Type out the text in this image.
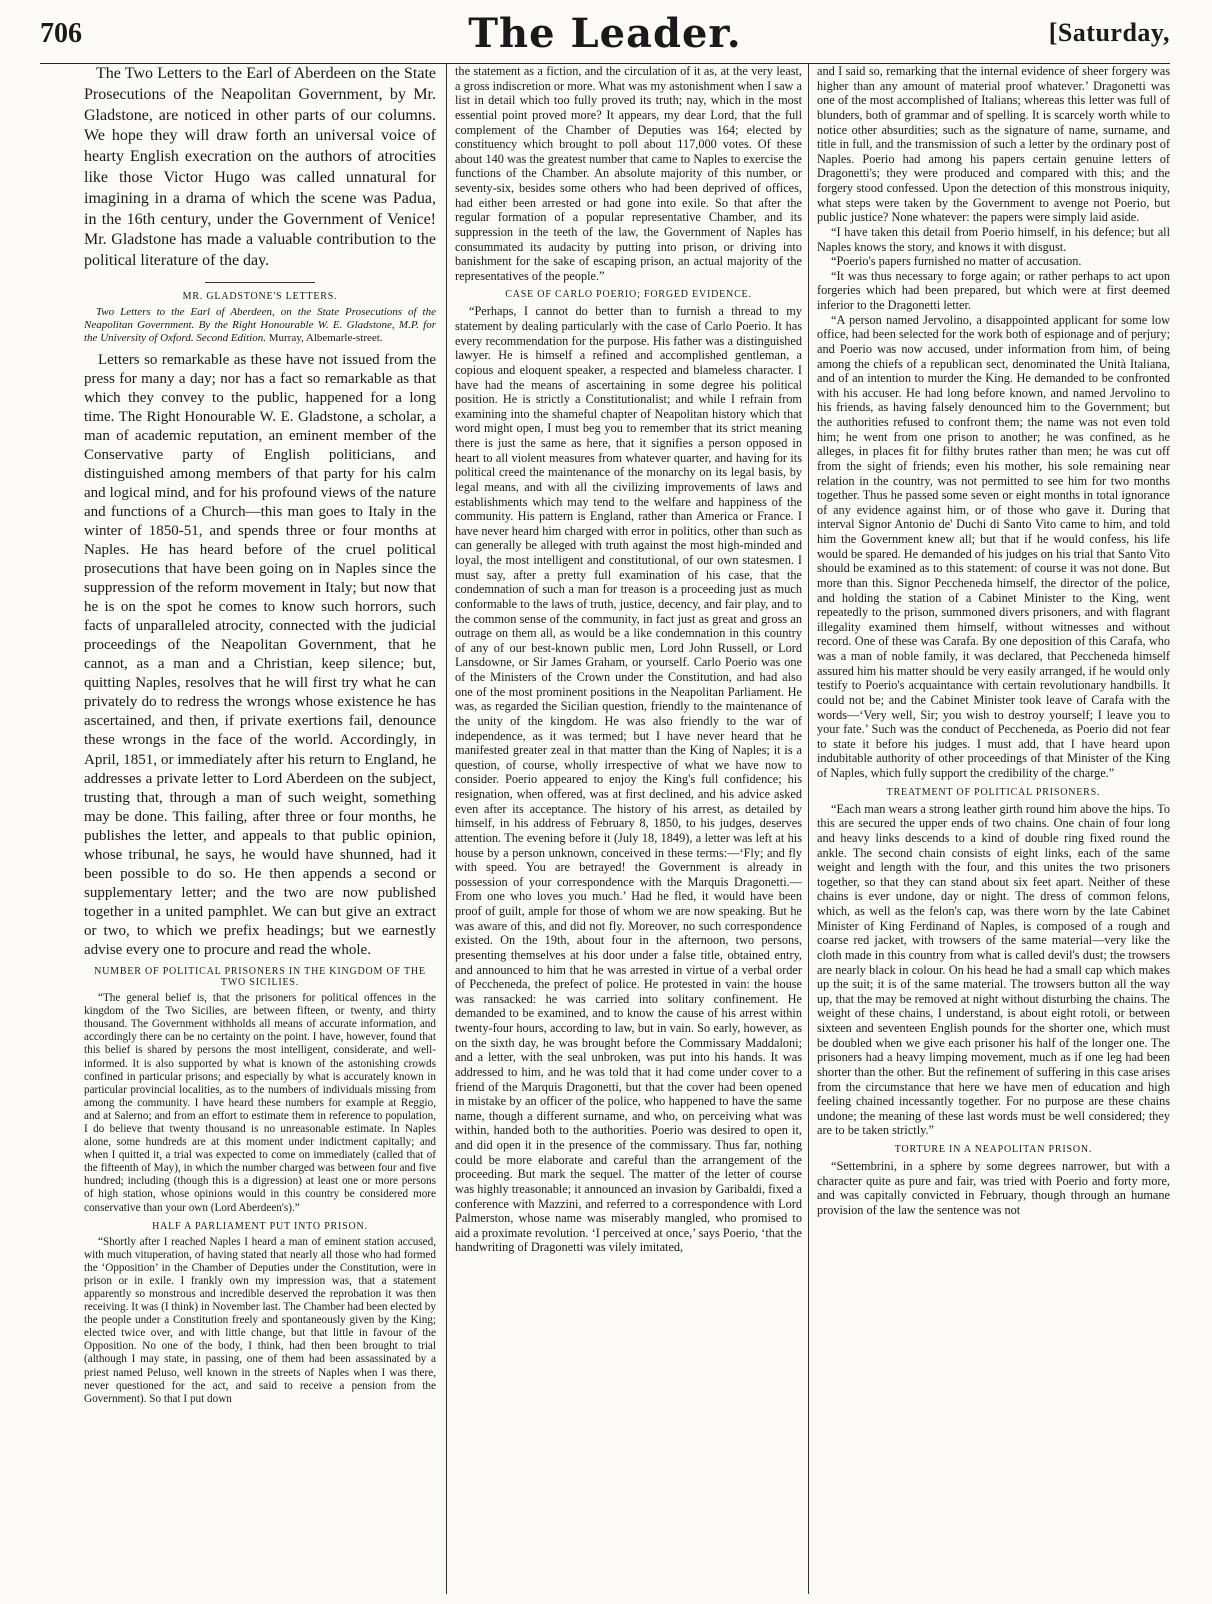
706	The Leader.	[Saturday,

The Two Letters to the Earl of Aberdeen on the State Prosecutions of the Neapolitan Government, by Mr. Gladstone, are noticed in other parts of our columns. We hope they will draw forth an universal voice of hearty English execration on the authors of atrocities like those Victor Hugo was called unnatural for imagining in a drama of which the scene was Padua, in the 16th century, under the Government of Venice! Mr. Gladstone has made a valuable contribution to the political literature of the day.

MR. GLADSTONE'S LETTERS.

Two Letters to the Earl of Aberdeen, on the State Prosecutions of the Neapolitan Government. By the Right Honourable W. E. Gladstone, M.P. for the University of Oxford. Second Edition. Murray, Albemarle-street.

Letters so remarkable as these have not issued from the press for many a day; nor has a fact so remarkable as that which they convey to the public, happened for a long time. The Right Honourable W. E. Gladstone, a scholar, a man of academic reputation, an eminent member of the Conservative party of English politicians, and distinguished among members of that party for his calm and logical mind, and for his profound views of the nature and functions of a Church—this man goes to Italy in the winter of 1850-51, and spends three or four months at Naples. He has heard before of the cruel political prosecutions that have been going on in Naples since the suppression of the reform movement in Italy; but now that he is on the spot he comes to know such horrors, such facts of unparalleled atrocity, connected with the judicial proceedings of the Neapolitan Government, that he cannot, as a man and a Christian, keep silence; but, quitting Naples, resolves that he will first try what he can privately do to redress the wrongs whose existence he has ascertained, and then, if private exertions fail, denounce these wrongs in the face of the world. Accordingly, in April, 1851, or immediately after his return to England, he addresses a private letter to Lord Aberdeen on the subject, trusting that, through a man of such weight, something may be done. This failing, after three or four months, he publishes the letter, and appeals to that public opinion, whose tribunal, he says, he would have shunned, had it been possible to do so. He then appends a second or supplementary letter; and the two are now published together in a united pamphlet. We can but give an extract or two, to which we prefix headings; but we earnestly advise every one to procure and read the whole.

NUMBER OF POLITICAL PRISONERS IN THE KINGDOM OF THE TWO SICILIES.

“The general belief is, that the prisoners for political offences in the kingdom of the Two Sicilies, are between fifteen, or twenty, and thirty thousand. The Government withholds all means of accurate information, and accordingly there can be no certainty on the point. I have, however, found that this belief is shared by persons the most intelligent, considerate, and well-informed. It is also supported by what is known of the astonishing crowds confined in particular prisons; and especially by what is accurately known in particular provincial localities, as to the numbers of individuals missing from among the community. I have heard these numbers for example at Reggio, and at Salerno; and from an effort to estimate them in reference to population, I do believe that twenty thousand is no unreasonable estimate. In Naples alone, some hundreds are at this moment under indictment capitally; and when I quitted it, a trial was expected to come on immediately (called that of the fifteenth of May), in which the number charged was between four and five hundred; including (though this is a digression) at least one or more persons of high station, whose opinions would in this country be considered more conservative than your own (Lord Aberdeen's).”

HALF A PARLIAMENT PUT INTO PRISON.

“Shortly after I reached Naples I heard a man of eminent station accused, with much vituperation, of having stated that nearly all those who had formed the ‘Opposition’ in the Chamber of Deputies under the Constitution, were in prison or in exile. I frankly own my impression was, that a statement apparently so monstrous and incredible deserved the reprobation it was then receiving. It was (I think) in November last. The Chamber had been elected by the people under a Constitution freely and spontaneously given by the King; elected twice over, and with little change, but that little in favour of the Opposition. No one of the body, I think, had then been brought to trial (although I may state, in passing, one of them had been assassinated by a priest named Peluso, well known in the streets of Naples when I was there, never questioned for the act, and said to receive a pension from the Government). So that I put down

the statement as a fiction, and the circulation of it as, at the very least, a gross indiscretion or more. What was my astonishment when I saw a list in detail which too fully proved its truth; nay, which in the most essential point proved more? It appears, my dear Lord, that the full complement of the Chamber of Deputies was 164; elected by constituency which brought to poll about 117,000 votes. Of these about 140 was the greatest number that came to Naples to exercise the functions of the Chamber. An absolute majority of this number, or seventy-six, besides some others who had been deprived of offices, had either been arrested or had gone into exile. So that after the regular formation of a popular representative Chamber, and its suppression in the teeth of the law, the Government of Naples has consummated its audacity by putting into prison, or driving into banishment for the sake of escaping prison, an actual majority of the representatives of the people.”

CASE OF CARLO POERIO; FORGED EVIDENCE.

“Perhaps, I cannot do better than to furnish a thread to my statement by dealing particularly with the case of Carlo Poerio. It has every recommendation for the purpose. His father was a distinguished lawyer. He is himself a refined and accomplished gentleman, a copious and eloquent speaker, a respected and blameless character. I have had the means of ascertaining in some degree his political position. He is strictly a Constitutionalist; and while I refrain from examining into the shameful chapter of Neapolitan history which that word might open, I must beg you to remember that its strict meaning there is just the same as here, that it signifies a person opposed in heart to all violent measures from whatever quarter, and having for its political creed the maintenance of the monarchy on its legal basis, by legal means, and with all the civilizing improvements of laws and establishments which may tend to the welfare and happiness of the community. His pattern is England, rather than America or France. I have never heard him charged with error in politics, other than such as can generally be alleged with truth against the most high-minded and loyal, the most intelligent and constitutional, of our own statesmen. I must say, after a pretty full examination of his case, that the condemnation of such a man for treason is a proceeding just as much conformable to the laws of truth, justice, decency, and fair play, and to the common sense of the community, in fact just as great and gross an outrage on them all, as would be a like condemnation in this country of any of our best-known public men, Lord John Russell, or Lord Lansdowne, or Sir James Graham, or yourself. Carlo Poerio was one of the Ministers of the Crown under the Constitution, and had also one of the most prominent positions in the Neapolitan Parliament. He was, as regarded the Sicilian question, friendly to the maintenance of the unity of the kingdom. He was also friendly to the war of independence, as it was termed; but I have never heard that he manifested greater zeal in that matter than the King of Naples; it is a question, of course, wholly irrespective of what we have now to consider. Poerio appeared to enjoy the King's full confidence; his resignation, when offered, was at first declined, and his advice asked even after its acceptance. The history of his arrest, as detailed by himself, in his address of February 8, 1850, to his judges, deserves attention. The evening before it (July 18, 1849), a letter was left at his house by a person unknown, conceived in these terms:—‘Fly; and fly with speed. You are betrayed! the Government is already in possession of your correspondence with the Marquis Dragonetti.—From one who loves you much.’ Had he fled, it would have been proof of guilt, ample for those of whom we are now speaking. But he was aware of this, and did not fly. Moreover, no such correspondence existed. On the 19th, about four in the afternoon, two persons, presenting themselves at his door under a false title, obtained entry, and announced to him that he was arrested in virtue of a verbal order of Peccheneda, the prefect of police. He protested in vain: the house was ransacked: he was carried into solitary confinement. He demanded to be examined, and to know the cause of his arrest within twenty-four hours, according to law, but in vain. So early, however, as on the sixth day, he was brought before the Commissary Maddaloni; and a letter, with the seal unbroken, was put into his hands. It was addressed to him, and he was told that it had come under cover to a friend of the Marquis Dragonetti, but that the cover had been opened in mistake by an officer of the police, who happened to have the same name, though a different surname, and who, on perceiving what was within, handed both to the authorities. Poerio was desired to open it, and did open it in the presence of the commissary. Thus far, nothing could be more elaborate and careful than the arrangement of the proceeding. But mark the sequel. The matter of the letter of course was highly treasonable; it announced an invasion by Garibaldi, fixed a conference with Mazzini, and referred to a correspondence with Lord Palmerston, whose name was miserably mangled, who promised to aid a proximate revolution. ‘I perceived at once,’ says Poerio, ‘that the handwriting of Dragonetti was vilely imitated,

and I said so, remarking that the internal evidence of sheer forgery was higher than any amount of material proof whatever.’ Dragonetti was one of the most accomplished of Italians; whereas this letter was full of blunders, both of grammar and of spelling. It is scarcely worth while to notice other absurdities; such as the signature of name, surname, and title in full, and the transmission of such a letter by the ordinary post of Naples. Poerio had among his papers certain genuine letters of Dragonetti's; they were produced and compared with this; and the forgery stood confessed. Upon the detection of this monstrous iniquity, what steps were taken by the Government to avenge not Poerio, but public justice? None whatever: the papers were simply laid aside.

“I have taken this detail from Poerio himself, in his defence; but all Naples knows the story, and knows it with disgust.

“Poerio's papers furnished no matter of accusation.

“It was thus necessary to forge again; or rather perhaps to act upon forgeries which had been prepared, but which were at first deemed inferior to the Dragonetti letter.

“A person named Jervolino, a disappointed applicant for some low office, had been selected for the work both of espionage and of perjury; and Poerio was now accused, under information from him, of being among the chiefs of a republican sect, denominated the Unità Italiana, and of an intention to murder the King. He demanded to be confronted with his accuser. He had long before known, and named Jervolino to his friends, as having falsely denounced him to the Government; but the authorities refused to confront them; the name was not even told him; he went from one prison to another; he was confined, as he alleges, in places fit for filthy brutes rather than men; he was cut off from the sight of friends; even his mother, his sole remaining near relation in the country, was not permitted to see him for two months together. Thus he passed some seven or eight months in total ignorance of any evidence against him, or of those who gave it. During that interval Signor Antonio de' Duchi di Santo Vito came to him, and told him the Government knew all; but that if he would confess, his life would be spared. He demanded of his judges on his trial that Santo Vito should be examined as to this statement: of course it was not done. But more than this. Signor Peccheneda himself, the director of the police, and holding the station of a Cabinet Minister to the King, went repeatedly to the prison, summoned divers prisoners, and with flagrant illegality examined them himself, without witnesses and without record. One of these was Carafa. By one deposition of this Carafa, who was a man of noble family, it was declared, that Peccheneda himself assured him his matter should be very easily arranged, if he would only testify to Poerio's acquaintance with certain revolutionary handbills. It could not be; and the Cabinet Minister took leave of Carafa with the words—‘Very well, Sir; you wish to destroy yourself; I leave you to your fate.’ Such was the conduct of Peccheneda, as Poerio did not fear to state it before his judges. I must add, that I have heard upon indubitable authority of other proceedings of that Minister of the King of Naples, which fully support the credibility of the charge.”

TREATMENT OF POLITICAL PRISONERS.

“Each man wears a strong leather girth round him above the hips. To this are secured the upper ends of two chains. One chain of four long and heavy links descends to a kind of double ring fixed round the ankle. The second chain consists of eight links, each of the same weight and length with the four, and this unites the two prisoners together, so that they can stand about six feet apart. Neither of these chains is ever undone, day or night. The dress of common felons, which, as well as the felon's cap, was there worn by the late Cabinet Minister of King Ferdinand of Naples, is composed of a rough and coarse red jacket, with trowsers of the same material—very like the cloth made in this country from what is called devil's dust; the trowsers are nearly black in colour. On his head he had a small cap which makes up the suit; it is of the same material. The trowsers button all the way up, that the may be removed at night without disturbing the chains. The weight of these chains, I understand, is about eight rotoli, or between sixteen and seventeen English pounds for the shorter one, which must be doubled when we give each prisoner his half of the longer one. The prisoners had a heavy limping movement, much as if one leg had been shorter than the other. But the refinement of suffering in this case arises from the circumstance that here we have men of education and high feeling chained incessantly together. For no purpose are these chains undone; the meaning of these last words must be well considered; they are to be taken strictly.”

TORTURE IN A NEAPOLITAN PRISON.

“Settembrini, in a sphere by some degrees narrower, but with a character quite as pure and fair, was tried with Poerio and forty more, and was capitally convicted in February, though through an humane provision of the law the sentence was not
